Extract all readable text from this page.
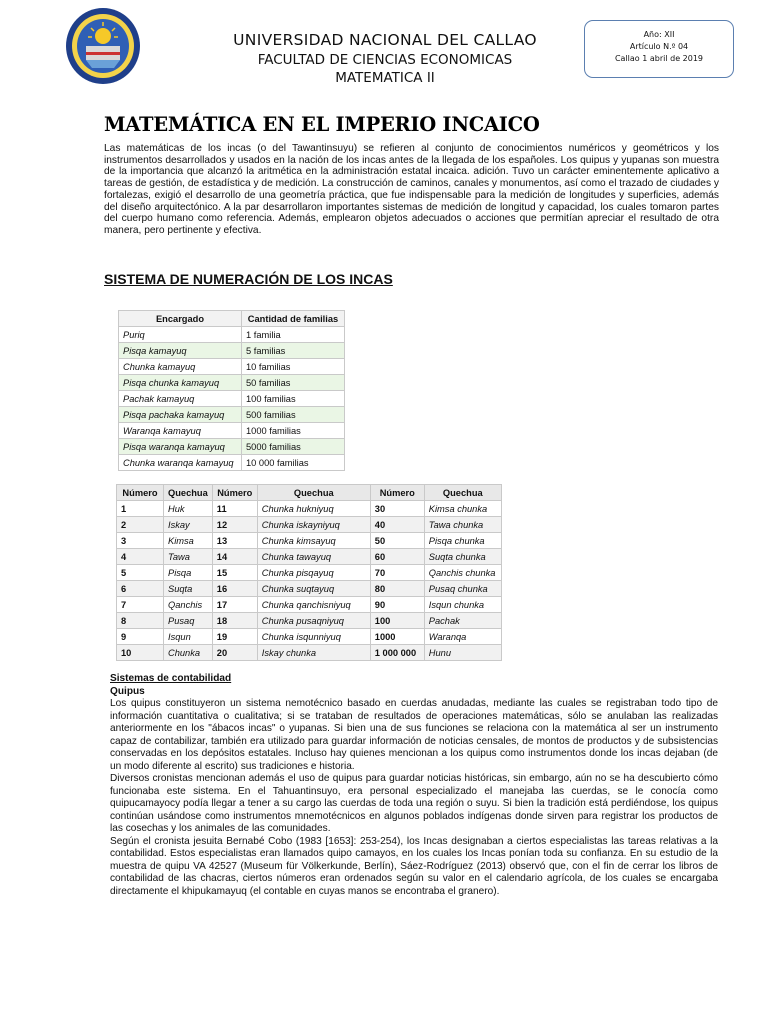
UNIVERSIDAD NACIONAL DEL CALLAO
FACULTAD DE CIENCIAS ECONOMICAS
MATEMATICA II
Año: XII
Artículo N.º 04
Callao 1 abril de 2019
MATEMÁTICA EN EL IMPERIO INCAICO
Las matemáticas de los incas (o del Tawantinsuyu) se refieren al conjunto de conocimientos numéricos y geométricos y los instrumentos desarrollados y usados en la nación de los incas antes de la llegada de los españoles. Los quipus y yupanas son muestra de la importancia que alcanzó la aritmética en la administración estatal incaica. adición. Tuvo un carácter eminentemente aplicativo a tareas de gestión, de estadística y de medición. La construcción de caminos, canales y monumentos, así como el trazado de ciudades y fortalezas, exigió el desarrollo de una geometría práctica, que fue indispensable para la medición de longitudes y superficies, además del diseño arquitectónico. A la par desarrollaron importantes sistemas de medición de longitud y capacidad, los cuales tomaron partes del cuerpo humano como referencia. Además, emplearon objetos adecuados o acciones que permitían apreciar el resultado de otra manera, pero pertinente y efectiva.
SISTEMA DE NUMERACIÓN DE LOS INCAS
Encargado	Cantidad de familias
Puriq	1 familia
Pisqa kamayuq	5 familias
Chunka kamayuq	10 familias
Pisqa chunka kamayuq	50 familias
Pachak kamayuq	100 familias
Pisqa pachaka kamayuq	500 familias
Waranqa kamayuq	1000 familias
Pisqa waranqa kamayuq	5000 familias
Chunka waranqa kamayuq	10 000 familias
Número	Quechua	Número	Quechua	Número	Quechua
1	Huk	11	Chunka hukniyuq	30	Kimsa chunka
2	Iskay	12	Chunka iskayniyuq	40	Tawa chunka
3	Kimsa	13	Chunka kimsayuq	50	Pisqa chunka
4	Tawa	14	Chunka tawayuq	60	Suqta chunka
5	Pisqa	15	Chunka pisqayuq	70	Qanchis chunka
6	Suqta	16	Chunka suqtayuq	80	Pusaq chunka
7	Qanchis	17	Chunka qanchisniyuq	90	Isqun chunka
8	Pusaq	18	Chunka pusaqniyuq	100	Pachak
9	Isqun	19	Chunka isqunniyuq	1000	Waranqa
10	Chunka	20	Iskay chunka	1 000 000	Hunu
Sistemas de contabilidad
Quipus

Los quipus constituyeron un sistema nemotécnico basado en cuerdas anudadas, mediante las cuales se registraban todo tipo de información cuantitativa o cualitativa; si se trataban de resultados de operaciones matemáticas, sólo se anulaban las realizadas anteriormente en los "ábacos incas" o yupanas. Si bien una de sus funciones se relaciona con la matemática al ser un instrumento capaz de contabilizar, también era utilizado para guardar información de noticias censales, de montos de productos y de subsistencias conservadas en los depósitos estatales. Incluso hay quienes mencionan a los quipus como instrumentos donde los incas dejaban (de un modo diferente al escrito) sus tradiciones e historia.

Diversos cronistas mencionan además el uso de quipus para guardar noticias históricas, sin embargo, aún no se ha descubierto cómo funcionaba este sistema. En el Tahuantinsuyo, era personal especializado el manejaba las cuerdas, se le conocía como quipucamayocy podía llegar a tener a su cargo las cuerdas de toda una región o suyu. Si bien la tradición está perdiéndose, los quipus continúan usándose como instrumentos mnemotécnicos en algunos poblados indígenas donde sirven para registrar los productos de las cosechas y los animales de las comunidades.

Según el cronista jesuita Bernabé Cobo (1983 [1653]: 253-254), los Incas designaban a ciertos especialistas las tareas relativas a la contabilidad. Estos especialistas eran llamados quipo camayos, en los cuales los Incas ponían toda su confianza. En su estudio de la muestra de quipu VA 42527 (Museum für Völkerkunde, Berlín), Sáez-Rodríguez (2013) observó que, con el fin de cerrar los libros de contabilidad de las chacras, ciertos números eran ordenados según su valor en el calendario agrícola, de los cuales se encargaba directamente el khipukamayuq (el contable en cuyas manos se encontraba el granero).
